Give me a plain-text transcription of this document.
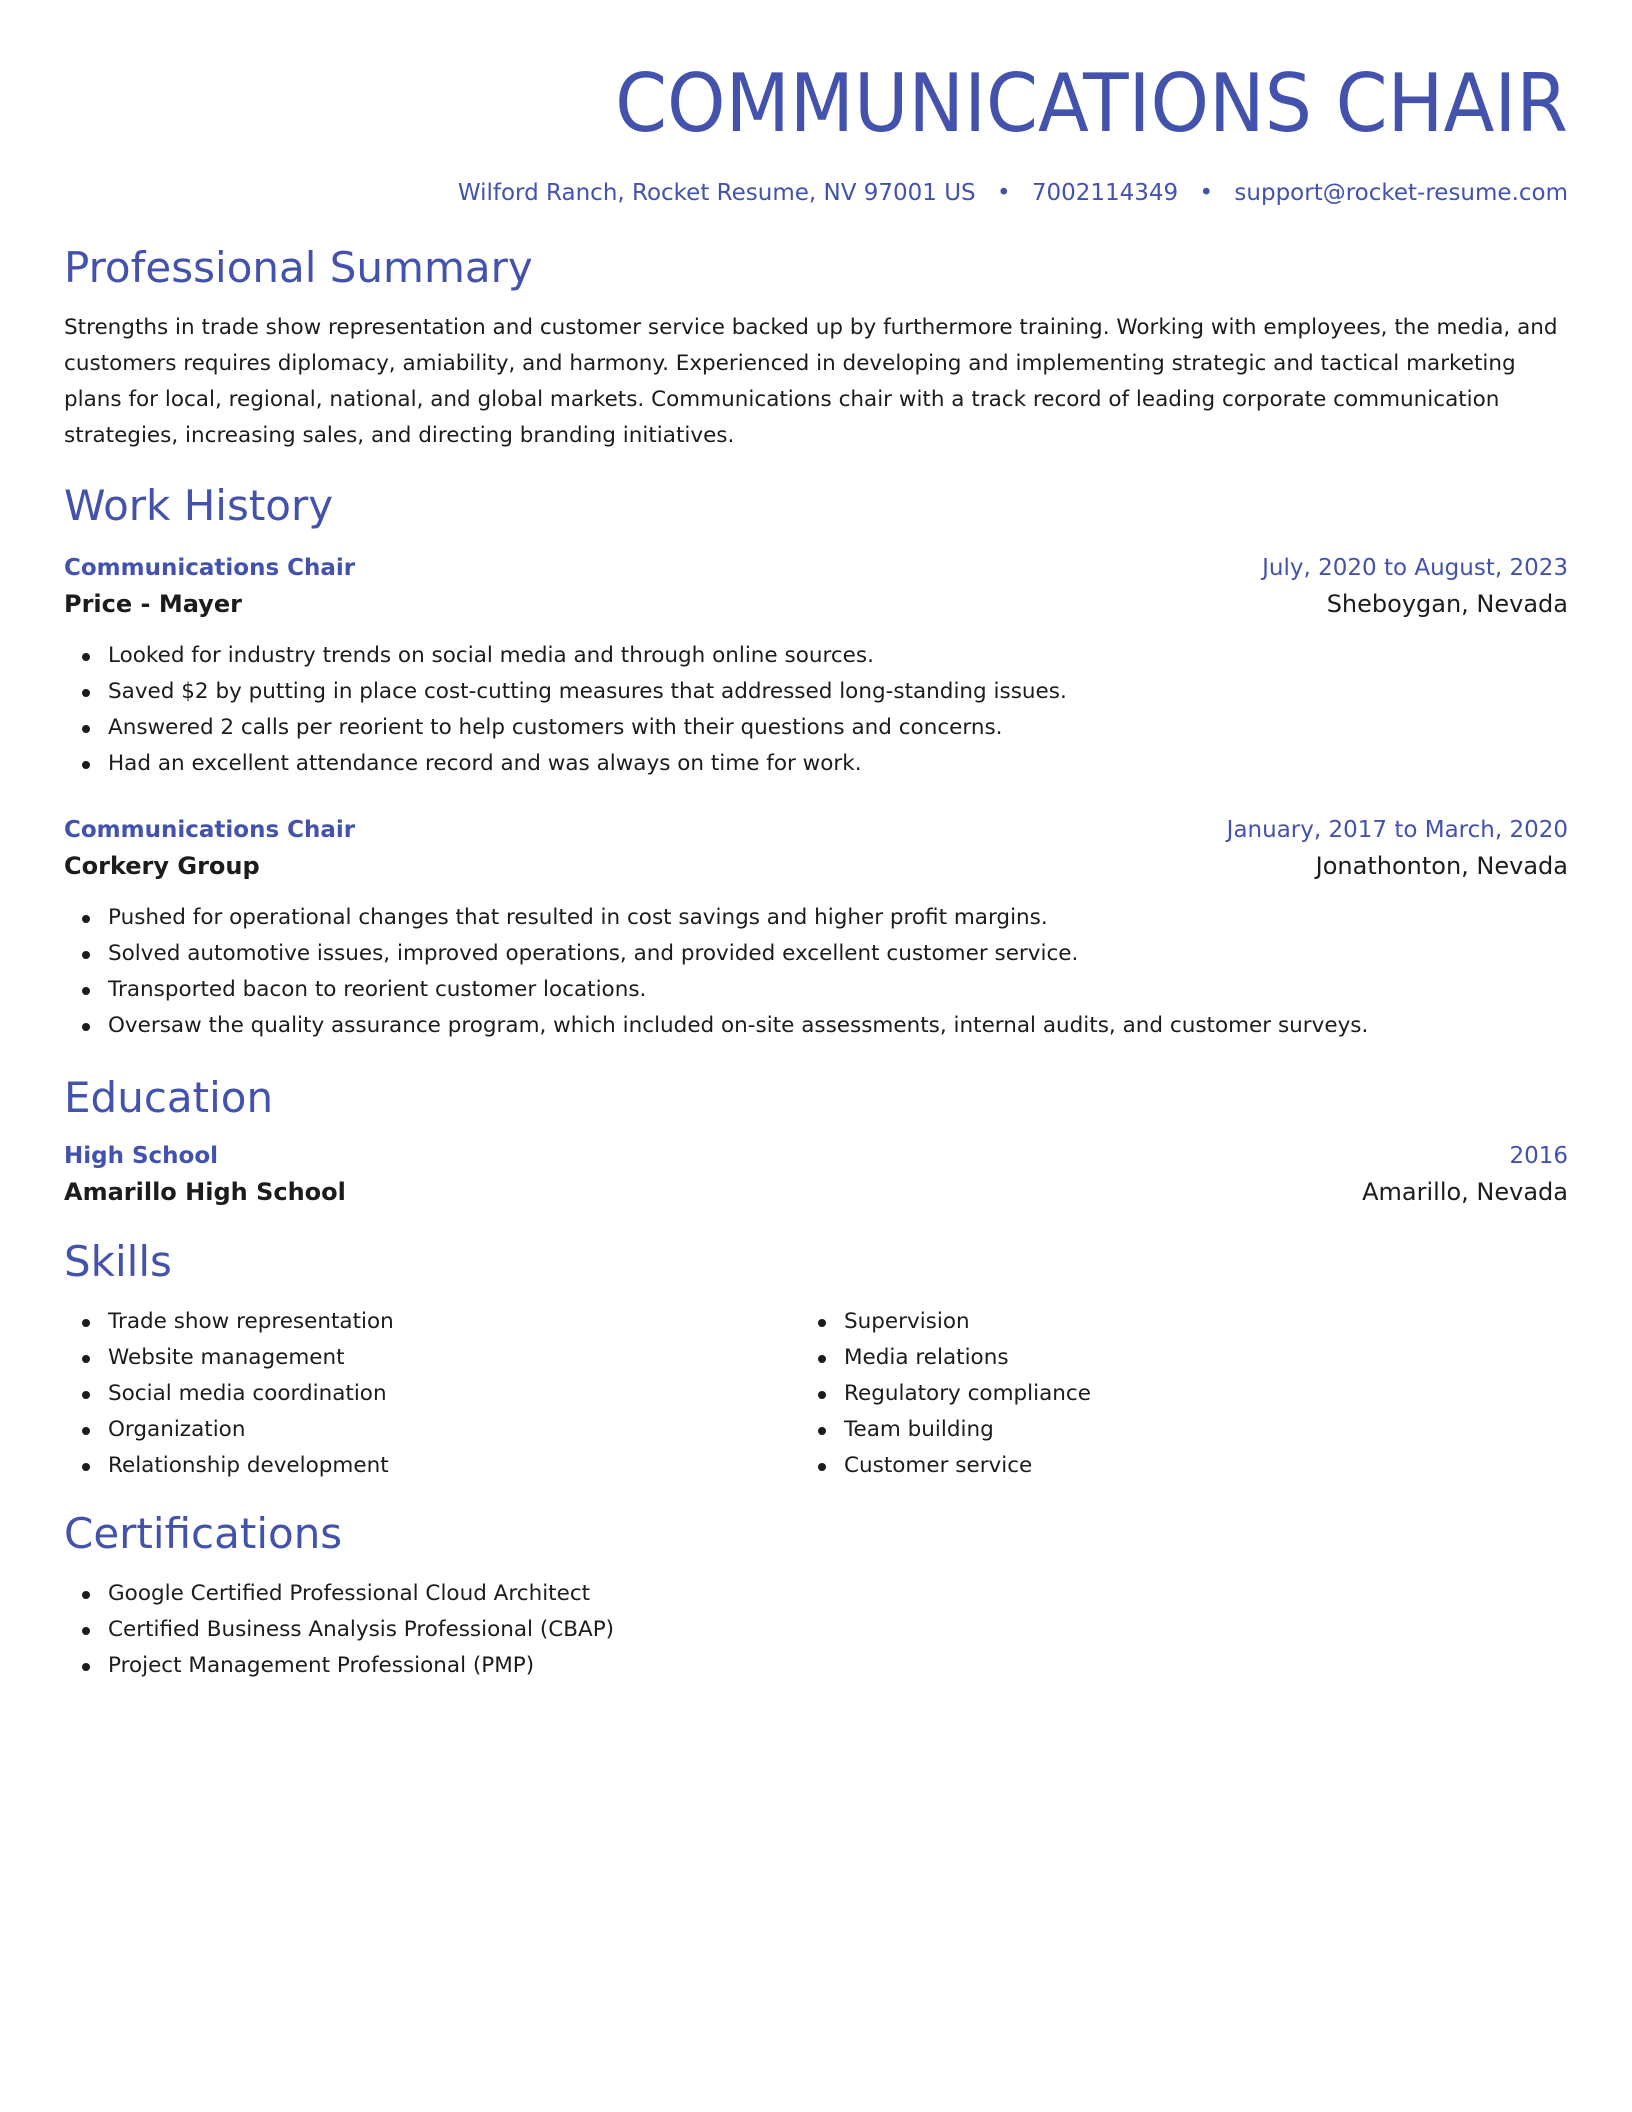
COMMUNICATIONS CHAIR
Wilford Ranch, Rocket Resume, NV 97001 US • 7002114349 • support@rocket-resume.com
Professional Summary
Strengths in trade show representation and customer service backed up by furthermore training. Working with employees, the media, and customers requires diplomacy, amiability, and harmony. Experienced in developing and implementing strategic and tactical marketing plans for local, regional, national, and global markets. Communications chair with a track record of leading corporate communication strategies, increasing sales, and directing branding initiatives.
Work History
Communications Chair	July, 2020 to August, 2023
Price - Mayer	Sheboygan, Nevada
Looked for industry trends on social media and through online sources.
Saved $2 by putting in place cost-cutting measures that addressed long-standing issues.
Answered 2 calls per reorient to help customers with their questions and concerns.
Had an excellent attendance record and was always on time for work.
Communications Chair	January, 2017 to March, 2020
Corkery Group	Jonathonton, Nevada
Pushed for operational changes that resulted in cost savings and higher profit margins.
Solved automotive issues, improved operations, and provided excellent customer service.
Transported bacon to reorient customer locations.
Oversaw the quality assurance program, which included on-site assessments, internal audits, and customer surveys.
Education
High School	2016
Amarillo High School	Amarillo, Nevada
Skills
Trade show representation
Website management
Social media coordination
Organization
Relationship development
Supervision
Media relations
Regulatory compliance
Team building
Customer service
Certifications
Google Certified Professional Cloud Architect
Certified Business Analysis Professional (CBAP)
Project Management Professional (PMP)
